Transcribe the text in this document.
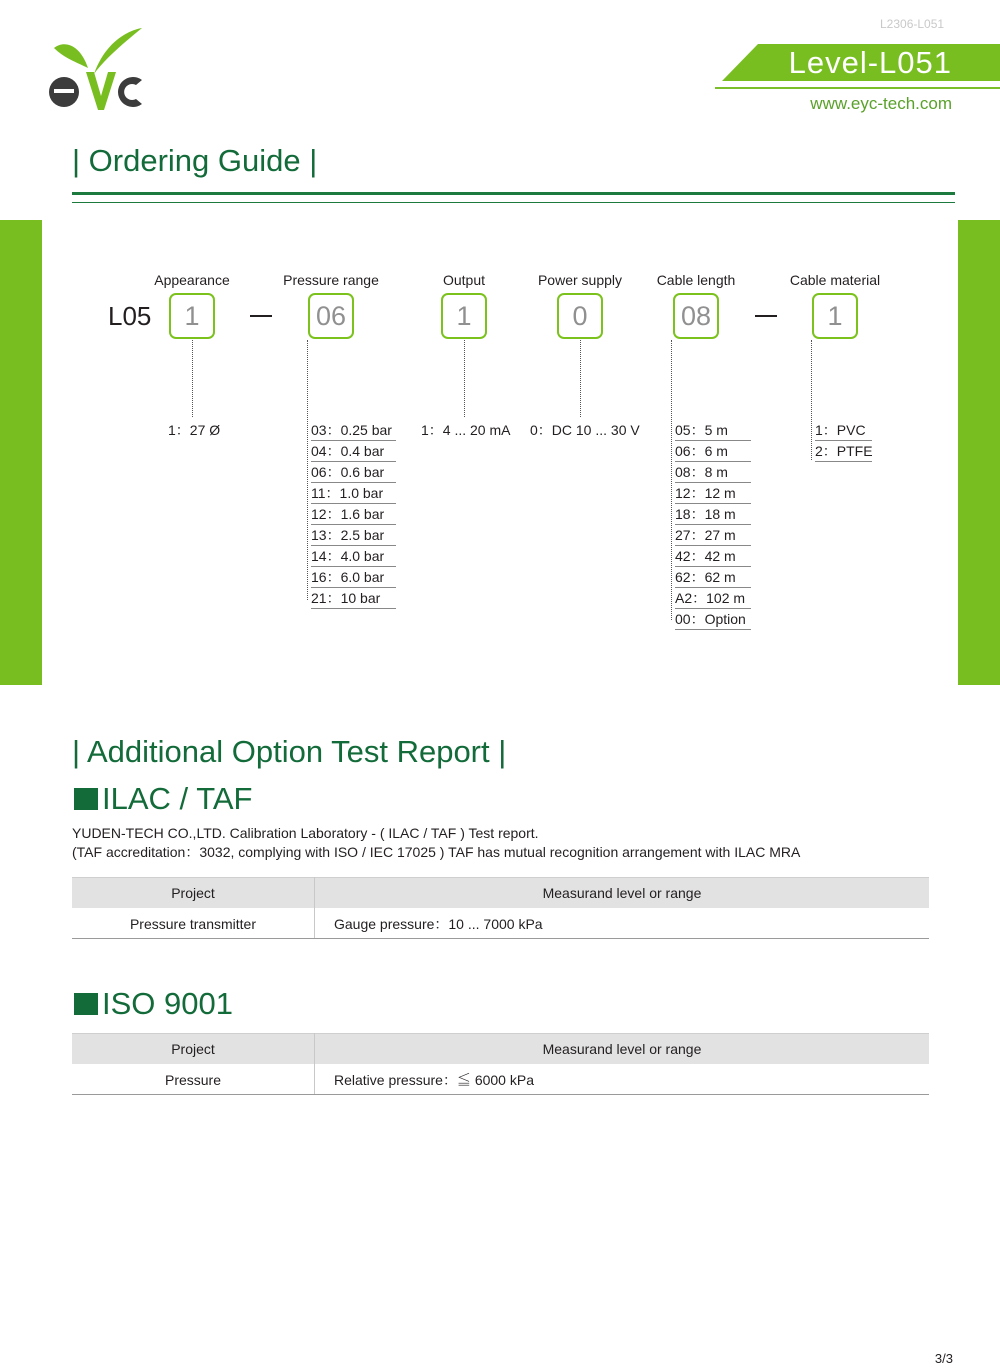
L2306-L051
Level-L051
www.eyc-tech.com
| Ordering Guide |
L05
Appearance
1
1：27 Ø
Pressure range
06
03：0.25 bar
04：0.4 bar
06：0.6 bar
11：1.0 bar
12：1.6 bar
13：2.5 bar
14：4.0 bar
16：6.0 bar
21：10 bar
Output
1
1：4 ... 20 mA
Power supply
0
0：DC 10 ... 30 V
Cable length
08
05：5 m
06：6 m
08：8 m
12：12 m
18：18 m
27：27 m
42：42 m
62：62 m
A2：102 m
00：Option
Cable material
1
1：PVC
2：PTFE
| Additional Option Test Report |
ILAC / TAF
YUDEN-TECH CO.,LTD. Calibration Laboratory - ( ILAC / TAF ) Test report.
(TAF accreditation：3032, complying with ISO / IEC 17025 ) TAF has mutual recognition arrangement with ILAC MRA
Project	Measurand level or range
Pressure transmitter	Gauge pressure：10 ... 7000 kPa
ISO 9001
Project	Measurand level or range
Pressure	Relative pressure：≦ 6000 kPa
3/3
